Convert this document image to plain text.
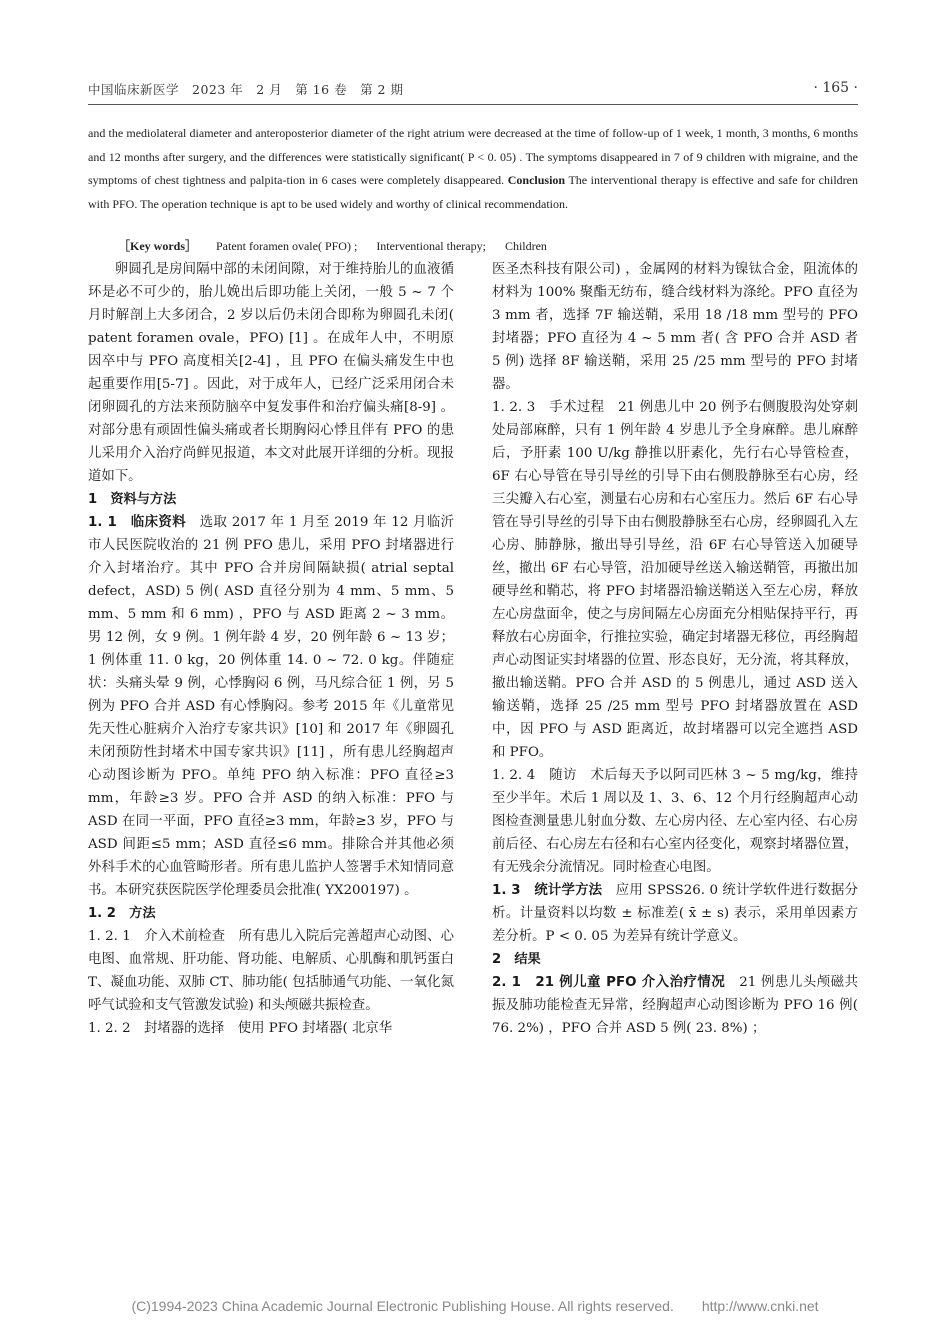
中国临床新医学　2023 年　2 月　第 16 卷　第 2 期	· 165 ·

and the mediolateral diameter and anteroposterior diameter of the right atrium were decreased at the time of follow-up of 1 week, 1 month, 3 months, 6 months and 12 months after surgery, and the differences were statistically significant( P < 0. 05) . The symptoms disappeared in 7 of 9 children with migraine, and the symptoms of chest tightness and palpita-tion in 6 cases were completely disappeared. Conclusion The interventional therapy is effective and safe for children with PFO. The operation technique is apt to be used widely and worthy of clinical recommendation.

［Key words］ Patent foramen ovale( PFO) ; Interventional therapy; Children

卵圆孔是房间隔中部的未闭间隙，对于维持胎儿的血液循环是必不可少的，胎儿娩出后即功能上关闭，一般 5 ~ 7 个月时解剖上大多闭合，2 岁以后仍未闭合即称为卵圆孔未闭( patent foramen ovale，PFO) [1] 。在成年人中，不明原因卒中与 PFO 高度相关[2-4] ，且 PFO 在偏头痛发生中也起重要作用[5-7] 。因此，对于成年人，已经广泛采用闭合未闭卵圆孔的方法来预防脑卒中复发事件和治疗偏头痛[8-9] 。对部分患有顽固性偏头痛或者长期胸闷心悸且伴有 PFO 的患儿采用介入治疗尚鲜见报道，本文对此展开详细的分析。现报道如下。

1　资料与方法

1. 1　临床资料　选取 2017 年 1 月至 2019 年 12 月临沂市人民医院收治的 21 例 PFO 患儿，采用 PFO 封堵器进行介入封堵治疗。其中 PFO 合并房间隔缺损( atrial septal defect，ASD) 5 例( ASD 直径分别为 4 mm、5 mm、5 mm、5 mm 和 6 mm) ，PFO 与 ASD 距离 2 ~ 3 mm。男 12 例，女 9 例。1 例年龄 4 岁，20 例年龄 6 ~ 13 岁；1 例体重 11. 0 kg，20 例体重 14. 0 ~ 72. 0 kg。伴随症状：头痛头晕 9 例，心悸胸闷 6 例，马凡综合征 1 例，另 5 例为 PFO 合并 ASD 有心悸胸闷。参考 2015 年《儿童常见先天性心脏病介入治疗专家共识》[10] 和 2017 年《卵圆孔未闭预防性封堵术中国专家共识》[11] ，所有患儿经胸超声心动图诊断为 PFO。单纯 PFO 纳入标准：PFO 直径≥3 mm，年龄≥3 岁。PFO 合并 ASD 的纳入标准：PFO 与 ASD 在同一平面，PFO 直径≥3 mm，年龄≥3 岁，PFO 与 ASD 间距≤5 mm；ASD 直径≤6 mm。排除合并其他必须外科手术的心血管畸形者。所有患儿监护人签署手术知情同意书。本研究获医院医学伦理委员会批准( YX200197) 。

1. 2　方法

1. 2. 1　介入术前检查　所有患儿入院后完善超声心动图、心电图、血常规、肝功能、肾功能、电解质、心肌酶和肌钙蛋白 T、凝血功能、双肺 CT、肺功能( 包括肺通气功能、一氧化氮呼气试验和支气管激发试验) 和头颅磁共振检查。

1. 2. 2　封堵器的选择　使用 PFO 封堵器( 北京华

医圣杰科技有限公司) ，金属网的材料为镍钛合金，阻流体的材料为 100% 聚酯无纺布，缝合线材料为涤纶。PFO 直径为 3 mm 者，选择 7F 输送鞘，采用 18 /18 mm 型号的 PFO 封堵器；PFO 直径为 4 ~ 5 mm 者( 含 PFO 合并 ASD 者 5 例) 选择 8F 输送鞘，采用 25 /25 mm 型号的 PFO 封堵器。

1. 2. 3　手术过程　21 例患儿中 20 例予右侧腹股沟处穿刺处局部麻醉，只有 1 例年龄 4 岁患儿予全身麻醉。患儿麻醉后，予肝素 100 U/kg 静推以肝素化，先行右心导管检查，6F 右心导管在导引导丝的引导下由右侧股静脉至右心房，经三尖瓣入右心室，测量右心房和右心室压力。然后 6F 右心导管在导引导丝的引导下由右侧股静脉至右心房，经卵圆孔入左心房、肺静脉，撤出导引导丝，沿 6F 右心导管送入加硬导丝，撤出 6F 右心导管，沿加硬导丝送入输送鞘管，再撤出加硬导丝和鞘芯，将 PFO 封堵器沿输送鞘送入至左心房，释放左心房盘面伞，使之与房间隔左心房面充分相贴保持平行，再释放右心房面伞，行推拉实验，确定封堵器无移位，再经胸超声心动图证实封堵器的位置、形态良好，无分流，将其释放，撤出输送鞘。PFO 合并 ASD 的 5 例患儿，通过 ASD 送入输送鞘，选择 25 /25 mm 型号 PFO 封堵器放置在 ASD 中，因 PFO 与 ASD 距离近，故封堵器可以完全遮挡 ASD 和 PFO。

1. 2. 4　随访　术后每天予以阿司匹林 3 ~ 5 mg/kg，维持至少半年。术后 1 周以及 1、3、6、12 个月行经胸超声心动图检查测量患儿射血分数、左心房内径、左心室内径、右心房前后径、右心房左右径和右心室内径变化，观察封堵器位置，有无残余分流情况。同时检查心电图。

1. 3　统计学方法　应用 SPSS26. 0 统计学软件进行数据分析。计量资料以均数 ± 标准差( x̄ ± s) 表示，采用单因素方差分析。P < 0. 05 为差异有统计学意义。

2　结果

2. 1　21 例儿童 PFO 介入治疗情况　21 例患儿头颅磁共振及肺功能检查无异常，经胸超声心动图诊断为 PFO 16 例( 76. 2%) ，PFO 合并 ASD 5 例( 23. 8%) ；

(C)1994-2023 China Academic Journal Electronic Publishing House. All rights reserved.　　http://www.cnki.net
